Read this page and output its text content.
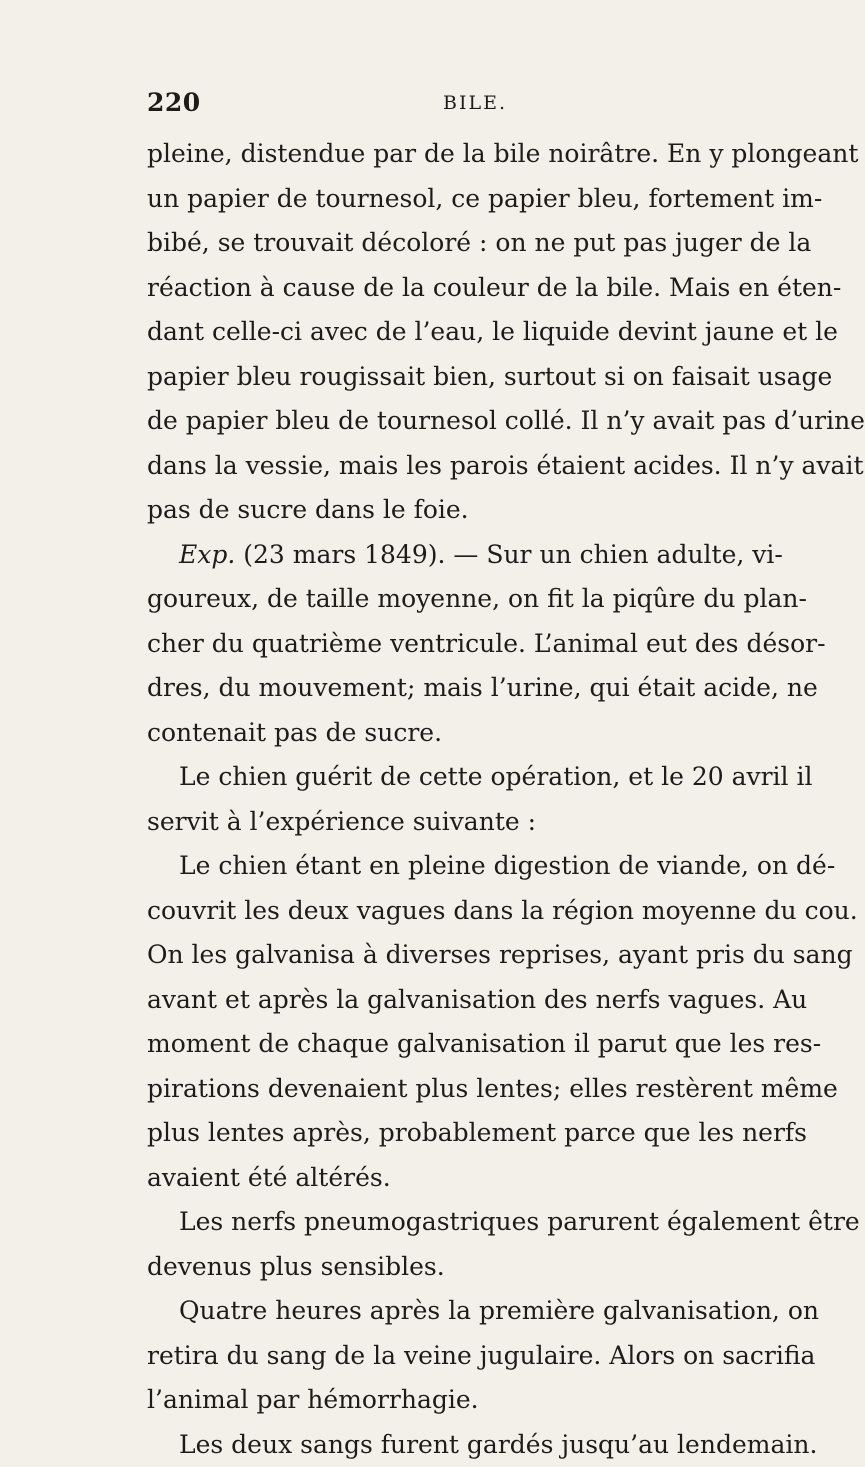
220	BILE.
pleine, distendue par de la bile noirâtre. En y plongeant
un papier de tournesol, ce papier bleu, fortement im-
bibé, se trouvait décoloré : on ne put pas juger de la
réaction à cause de la couleur de la bile. Mais en éten-
dant celle-ci avec de l’eau, le liquide devint jaune et le
papier bleu rougissait bien, surtout si on faisait usage
de papier bleu de tournesol collé. Il n’y avait pas d’urine
dans la vessie, mais les parois étaient acides. Il n’y avait
pas de sucre dans le foie.
Exp. (23 mars 1849). — Sur un chien adulte, vi-
goureux, de taille moyenne, on fit la piqûre du plan-
cher du quatrième ventricule. L’animal eut des désor-
dres, du mouvement; mais l’urine, qui était acide, ne
contenait pas de sucre.
Le chien guérit de cette opération, et le 20 avril il
servit à l’expérience suivante :
Le chien étant en pleine digestion de viande, on dé-
couvrit les deux vagues dans la région moyenne du cou.
On les galvanisa à diverses reprises, ayant pris du sang
avant et après la galvanisation des nerfs vagues. Au
moment de chaque galvanisation il parut que les res-
pirations devenaient plus lentes; elles restèrent même
plus lentes après, probablement parce que les nerfs
avaient été altérés.
Les nerfs pneumogastriques parurent également être
devenus plus sensibles.
Quatre heures après la première galvanisation, on
retira du sang de la veine jugulaire. Alors on sacrifia
l’animal par hémorrhagie.
Les deux sangs furent gardés jusqu’au lendemain.
